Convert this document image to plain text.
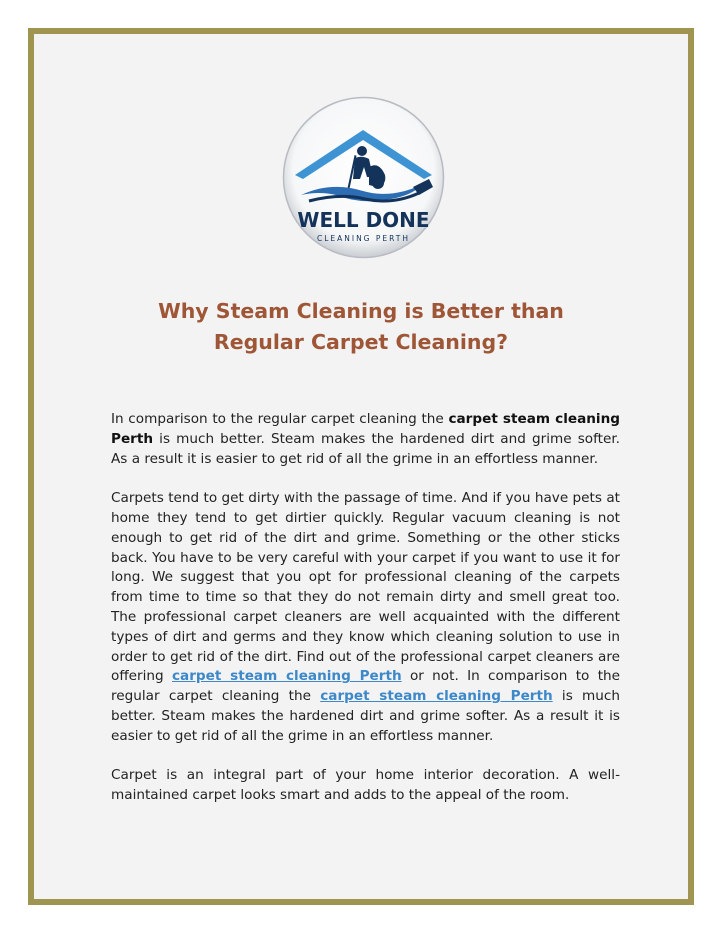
WELL DONE
CLEANING PERTH
Why Steam Cleaning is Better than
Regular Carpet Cleaning?

In comparison to the regular carpet cleaning the carpet steam cleaning Perth is much better. Steam makes the hardened dirt and grime softer. As a result it is easier to get rid of all the grime in an effortless manner.

Carpets tend to get dirty with the passage of time. And if you have pets at home they tend to get dirtier quickly. Regular vacuum cleaning is not enough to get rid of the dirt and grime. Something or the other sticks back. You have to be very careful with your carpet if you want to use it for long. We suggest that you opt for professional cleaning of the carpets from time to time so that they do not remain dirty and smell great too. The professional carpet cleaners are well acquainted with the different types of dirt and germs and they know which cleaning solution to use in order to get rid of the dirt. Find out of the professional carpet cleaners are offering carpet steam cleaning Perth or not. In comparison to the regular carpet cleaning the carpet steam cleaning Perth is much better. Steam makes the hardened dirt and grime softer. As a result it is easier to get rid of all the grime in an effortless manner.

Carpet is an integral part of your home interior decoration. A well-maintained carpet looks smart and adds to the appeal of the room.
